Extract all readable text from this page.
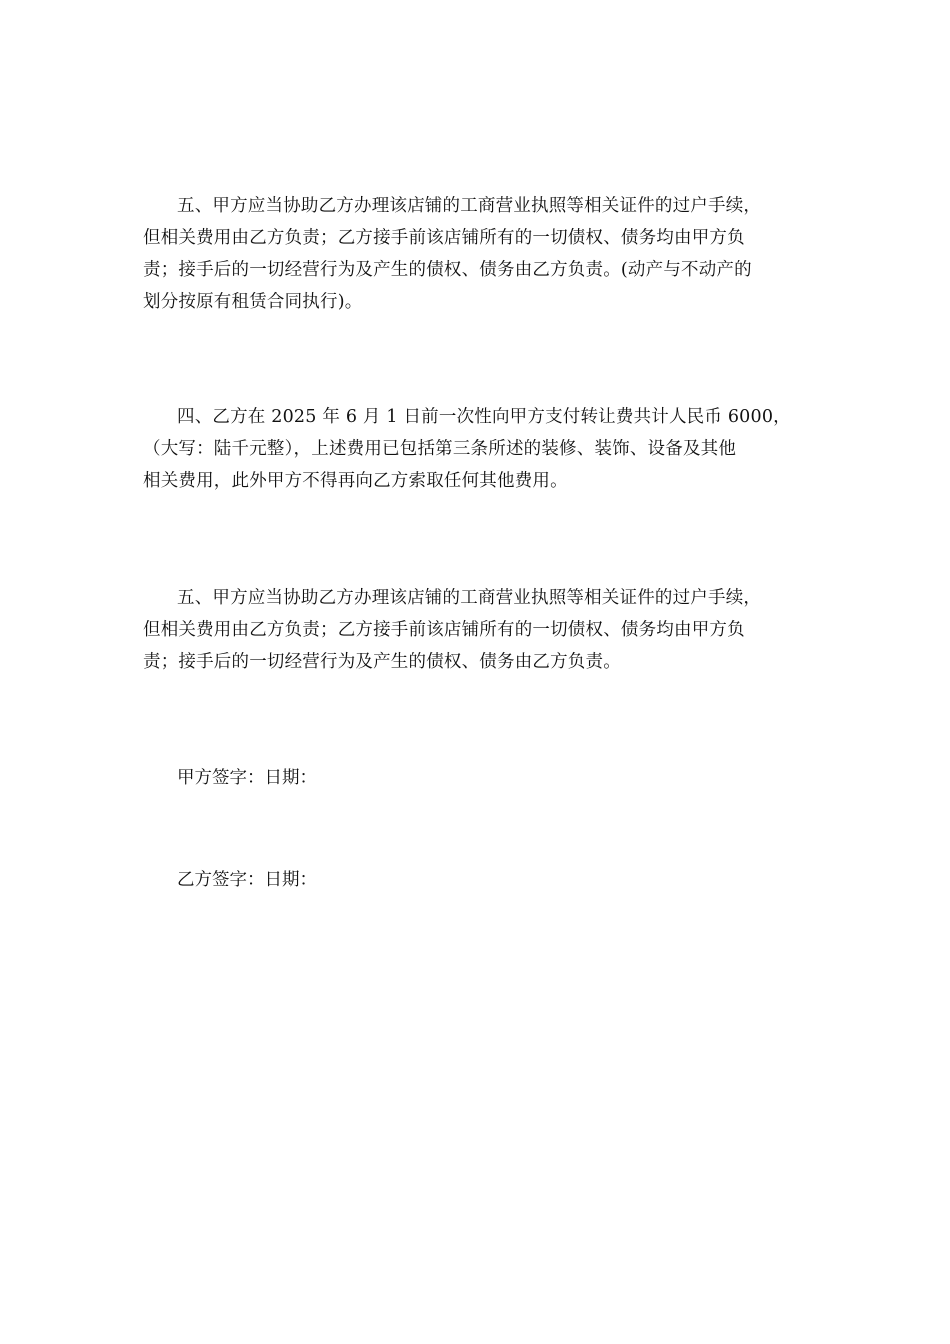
五、甲方应当协助乙方办理该店铺的工商营业执照等相关证件的过户手续，
但相关费用由乙方负责；乙方接手前该店铺所有的一切债权、债务均由甲方负
责；接手后的一切经营行为及产生的债权、债务由乙方负责。(动产与不动产的
划分按原有租赁合同执行)。

四、乙方在 2025 年 6 月 1 日前一次性向甲方支付转让费共计人民币 6000，
（大写：陆千元整），上述费用已包括第三条所述的装修、装饰、设备及其他
相关费用，此外甲方不得再向乙方索取任何其他费用。

五、甲方应当协助乙方办理该店铺的工商营业执照等相关证件的过户手续，
但相关费用由乙方负责；乙方接手前该店铺所有的一切债权、债务均由甲方负
责；接手后的一切经营行为及产生的债权、债务由乙方负责。

甲方签字：日期：

乙方签字：日期：
